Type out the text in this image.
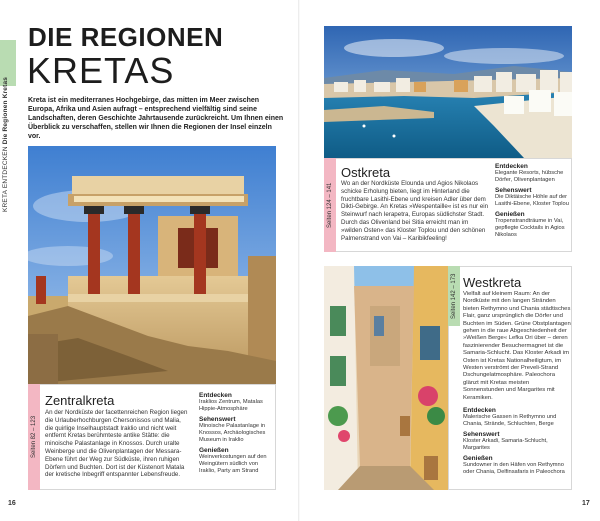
KRETA ENTDECKEN Die Regionen Kretas
DIE REGIONEN
KRETAS
Kreta ist ein mediterranes Hochgebirge, das mitten im Meer zwischen Europa, Afrika und Asien aufragt – entsprechend vielfältig sind seine Landschaften, deren Geschichte Jahrtausende zurückreicht. Um Ihnen einen Überblick zu verschaffen, stellen wir Ihnen die Regionen der Insel einzeln vor.
Seiten 82 – 123
Zentralkreta
An der Nordküste der facettenreichen Region liegen die Urlauberhochburgen Chersonissos und Malia, die quirlige Inselhauptstadt Iraklio und nicht weit entfernt Kretas berühmteste antike Stätte: die minoische Palastanlage in Knossos. Durch uralte Weinberge und die Olivenplantagen der Messara-Ebene führt der Weg zur Südküste, ihren ruhigen Dörfern und Buchten. Dort ist der Küstenort Matala der kretische Inbegriff entspannter Lebensfreude.
Entdecken
Iraklios Zentrum, Matalas Hippie-Atmosphäre
Sehenswert
Minoische Palastanlage in Knossos, Archäologisches Museum in Iraklio
Genießen
Weinverkostungen auf den Weingütern südlich von Iraklio, Party am Strand
16
Seiten 124 – 141
Ostkreta
Wo an der Nordküste Elounda und Agios Nikolaos schicke Erholung bieten, liegt im Hinterland die fruchtbare Lasithi-Ebene und kreisen Adler über dem Dikti-Gebirge. An Kretas »Wespentaille« ist es nur ein Steinwurf nach Ierapetra, Europas südlichster Stadt. Durch das Olivenland bei Sitia erreicht man im »wilden Osten« das Kloster Toplou und den schönen Palmenstrand von Vai – Karibikfeeling!
Entdecken
Elegante Resorts, hübsche Dörfer, Olivenplantagen
Sehenswert
Die Diktäische Höhle auf der Lasithi-Ebene, Kloster Toplou
Genießen
Tropenstrandträume in Vai, gepflegte Cocktails in Agios Nikolaos
Seiten 142 – 173 Westkreta
Vielfalt auf kleinem Raum: An der Nordküste mit den langen Stränden bieten Rethymno und Chania städtisches Flair, ganz ursprünglich die Dörfer und Buchten im Süden. Grüne Obstplantagen gehen in die raue Abgeschiedenheit der »Weißen Berge« Lefka Ori über – deren faszinierender Besuchermagnet ist die Samaria-Schlucht. Das Kloster Arkadi im Osten ist Kretas Nationalheiligtum, im Westen verströmt der Preveli-Strand Dschungelatmosphäre. Paleochora glänzt mit Kretas meisten Sonnenstunden und Margarites mit Keramiken.
Entdecken
Malerische Gassen in Rethymno und Chania, Strände, Schluchten, Berge
Sehenswert
Kloster Arkadi, Samaria-Schlucht, Margarites
Genießen
Sundowner in den Häfen von Rethymno oder Chania, Delfinsafaris in Paleochora
17
